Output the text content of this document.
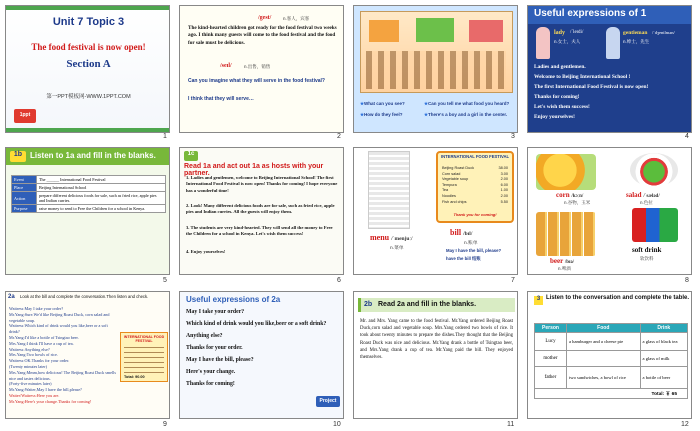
Unit 7 Topic 3
The food festival is now open!
Section A
第一PPT模板网-WWW.1PPT.COM
1ppt
1
/gest/	n.客人，宾客
The kind-hearted children got ready for the food festival two weeks ago. I think many guests will come to the food festival and the food for sale must be delicious.
/seɪl/	n.出售，销售
Can you imagine what they will serve in the food festival?
I think that they will serve…
2
★ What can you see? ★	Can you tell me what food you heard?
★ How do they feel? ★	There's a boy and a girl in the center.
3
Useful expressions of 1
lady /ˈleɪdi/
n.女士，夫人
gentleman /ˈdʒentlmən/
n.绅士，先生
Ladies and gentlemen.
Welcome to Beijing International School !
The first International Food Festival is now open!
Thanks for coming!
Let's wish them success!
Enjoy yourselves!
4
1b Listen to 1a and fill in the blanks.
Event	The ______ International Food Festival
Place	Beijing International School
Action	prepare different delicious foods for sale, such as fried rice, apple pies and Indian curries.
Purpose	raise money to send to Free the Children for a school in Kenya.
5
1c
Read 1a and act out 1a as hosts with your partner.
1. Ladies and gentlemen, welcome to Beijing International School! The first International Food Festival is now open! Thanks for coming! I hope everyone has a wonderful time!
2. Look! Many different delicious foods are for sale, such as fried rice, apple pies and Indian curries. All the guests will enjoy them.
3. The students are very kind-hearted. They will send all the money to Free the Children for a school in Kenya. Let's wish them success!
4. Enjoy yourselves!
6
INTERNATIONAL FOOD FESTIVAL
Beijing Roast Duck	38.00
Corn salad	3.00
Vegetable soup	2.00
Tempura	6.00
Tea	1.00
Noodles	2.00
Fish and chips	5.50
Thank you for coming!
menu /ˈmenjuː/
n.菜单
bill /bɪl/
n.账单
May I have the bill, please?
have the bill 结账
7
corn /kɔːn/
n.谷物，玉米
salad /ˈsæləd/
n.色拉
beer /bɪə/
n.啤酒
soft drink
软饮料
8
2a Look at the bill and complete the conversation.Then listen and check.
Waitress:May I take your order?
Mr.Yang:Sure.We'd like Beijing Roast Duck, corn salad and vegetable soup.
Waitress:Which kind of drink would you like,beer or a soft drink?
Mr.Yang:I'd like a bottle of Tsingtao beer.
Mrs.Yang:I think I'll have a cup of tea.
Waitress:Anything else?
Mrs.Yang:Two bowls of rice.
Waitress:OK.Thanks for your order.
(Twenty minutes later)
Mrs.Yang:Mmm,how delicious! The Beijing Roast Duck smells nice and tastes delicious.
(Forty-five minutes later)
Mr.Yang:Waiter,May I have the bill,please?
Waiter/Waitress:Here you are.
Mr.Yang:Here's your change.Thanks for coming!
INTERNATIONAL FOOD FESTIVAL
Total: 90.00
9
Useful expressions of 2a
May I take your order?
Which kind of drink would you like,beer or a soft drink?
Anything else?
Thanks for your order.
May I have the bill, please?
Here's your change.
Thanks for coming!
Project
10
2b Read 2a and fill in the blanks.
Mr. and Mrs. Yang came to the food festival. Mr.Yang ordered Beijing Roast Duck,corn salad and vegetable soup. Mrs.Yang ordered two bowls of rice. It took about twenty minutes to prepare the dishes.They thought that the Beijing Roast Duck was nice and delicious. Mr.Yang drank a bottle of Tsingtao beer, and Mrs.Yang drank a cup of tea. Mr.Yang paid the bill. They enjoyed themselves.
11
3 Listen to the conversation and complete the table.
Person	Food	Drink
Lucy	a hamburger and a cheese pie	a glass of black tea
mother		a glass of milk
father	two sandwiches, a bowl of rice	a bottle of beer
Total: ￥ 65		
12
